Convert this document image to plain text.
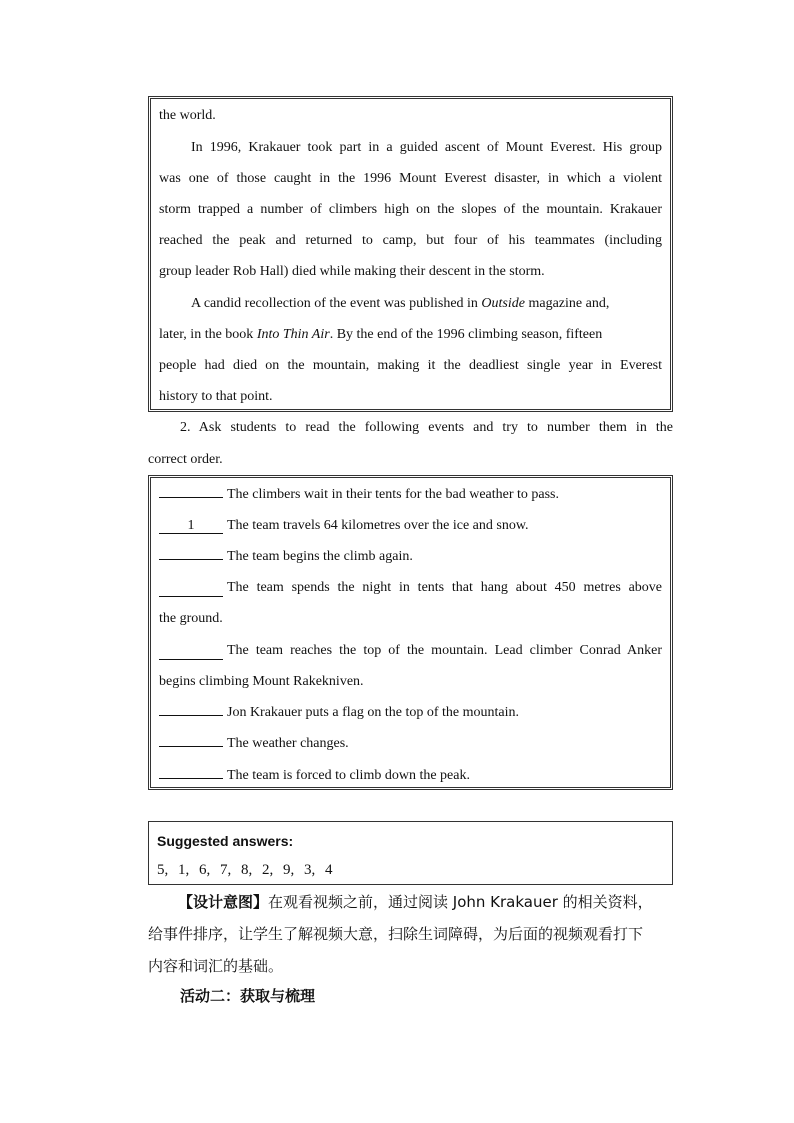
the world.
In 1996, Krakauer took part in a guided ascent of Mount Everest. His group
was one of those caught in the 1996 Mount Everest disaster, in which a violent
storm trapped a number of climbers high on the slopes of the mountain. Krakauer
reached the peak and returned to camp, but four of his teammates (including
group leader Rob Hall) died while making their descent in the storm.
A candid recollection of the event was published in Outside magazine and,
later, in the book Into Thin Air. By the end of the 1996 climbing season, fifteen
people had died on the mountain, making it the deadliest single year in Everest
history to that point.
2. Ask students to read the following events and try to number them in the
correct order.
The climbers wait in their tents for the bad weather to pass.
1 The team travels 64 kilometres over the ice and snow.
The team begins the climb again.
The team spends the night in tents that hang about 450 metres above
the ground.
The team reaches the top of the mountain. Lead climber Conrad Anker
begins climbing Mount Rakekniven.
Jon Krakauer puts a flag on the top of the mountain.
The weather changes.
The team is forced to climb down the peak.
Suggested answers:
5, 1, 6, 7, 8, 2, 9, 3, 4
【设计意图】在观看视频之前，通过阅读 John Krakauer 的相关资料，
给事件排序，让学生了解视频大意，扫除生词障碍，为后面的视频观看打下
内容和词汇的基础。
活动二：获取与梳理
